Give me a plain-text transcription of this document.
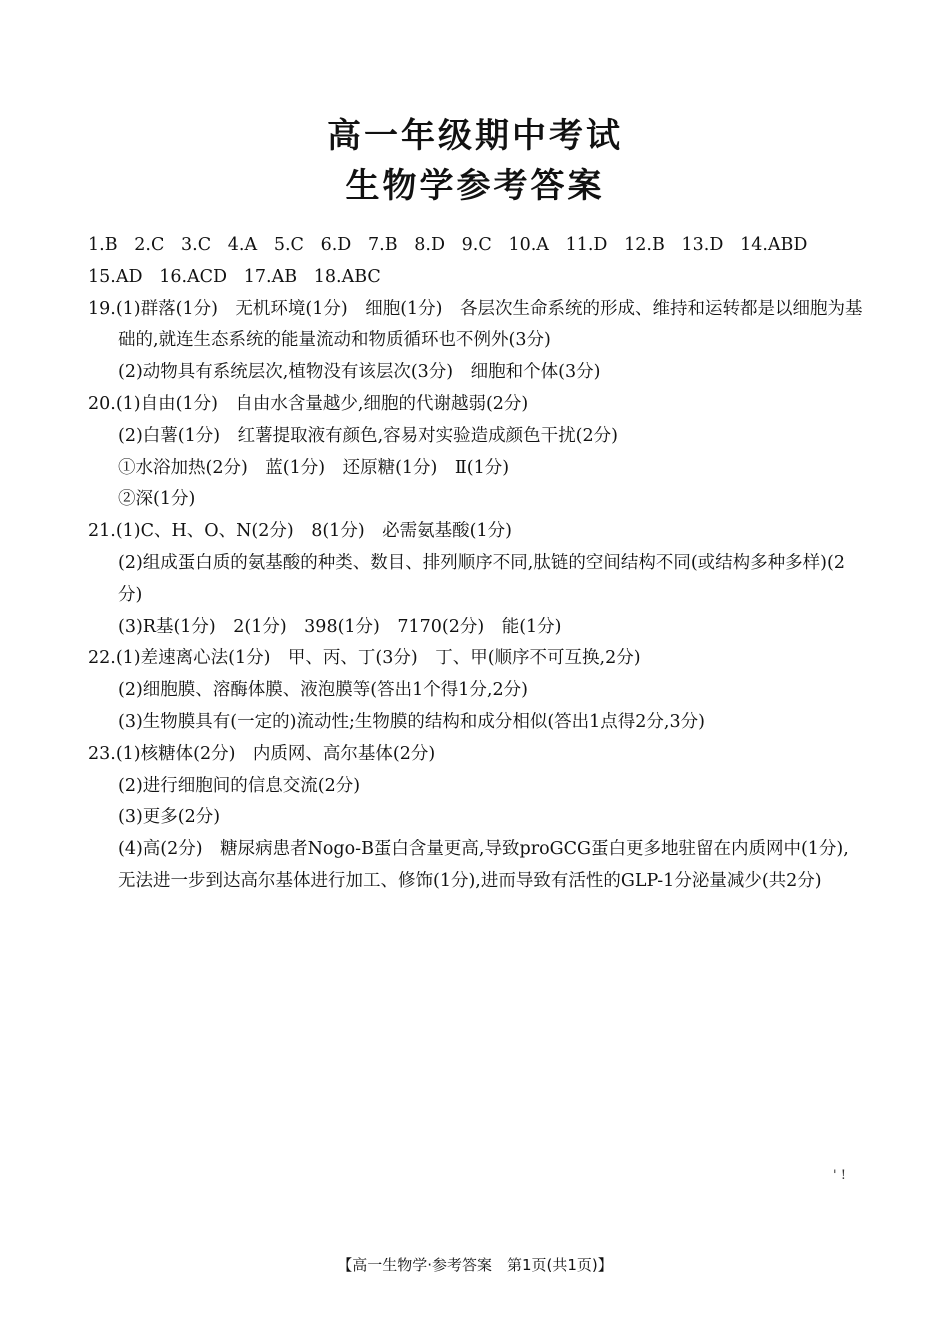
高一年级期中考试
生物学参考答案
1.B   2.C   3.C   4.A   5.C   6.D   7.B   8.D   9.C   10.A   11.D   12.B   13.D   14.ABD
15.AD   16.ACD   17.AB   18.ABC
19.(1)群落(1分)　无机环境(1分)　细胞(1分)　各层次生命系统的形成、维持和运转都是以细胞为基础的,就连生态系统的能量流动和物质循环也不例外(3分)
(2)动物具有系统层次,植物没有该层次(3分)　细胞和个体(3分)
20.(1)自由(1分)　自由水含量越少,细胞的代谢越弱(2分)
(2)白薯(1分)　红薯提取液有颜色,容易对实验造成颜色干扰(2分)
①水浴加热(2分)　蓝(1分)　还原糖(1分)　Ⅱ(1分)
②深(1分)
21.(1)C、H、O、N(2分)　8(1分)　必需氨基酸(1分)
(2)组成蛋白质的氨基酸的种类、数目、排列顺序不同,肽链的空间结构不同(或结构多种多样)(2分)
(3)R基(1分)　2(1分)　398(1分)　7170(2分)　能(1分)
22.(1)差速离心法(1分)　甲、丙、丁(3分)　丁、甲(顺序不可互换,2分)
(2)细胞膜、溶酶体膜、液泡膜等(答出1个得1分,2分)
(3)生物膜具有(一定的)流动性;生物膜的结构和成分相似(答出1点得2分,3分)
23.(1)核糖体(2分)　内质网、高尔基体(2分)
(2)进行细胞间的信息交流(2分)
(3)更多(2分)
(4)高(2分)　糖尿病患者Nogo-B蛋白含量更高,导致proGCG蛋白更多地驻留在内质网中(1分),无法进一步到达高尔基体进行加工、修饰(1分),进而导致有活性的GLP-1分泌量减少(共2分)
' !
【高一生物学·参考答案　第1页(共1页)】
